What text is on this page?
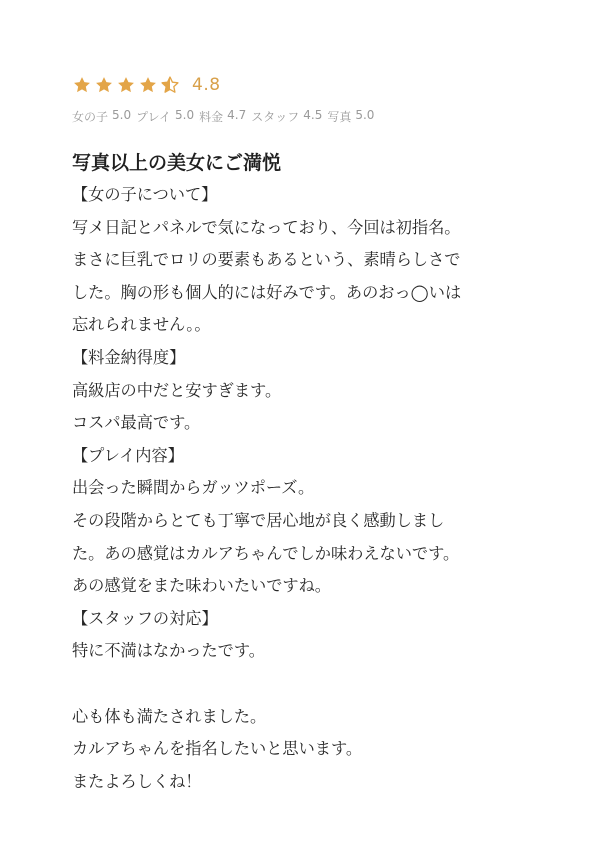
4.8
女の子 5.0 プレイ 5.0 料金 4.7 スタッフ 4.5 写真 5.0
写真以上の美女にご満悦
【女の子について】
写メ日記とパネルで気になっており、今回は初指名。
まさに巨乳でロリの要素もあるという、素晴らしさで
した。胸の形も個人的には好みです。あのおっ◯いは
忘れられません。。
【料金納得度】
高級店の中だと安すぎます。
コスパ最高です。
【プレイ内容】
出会った瞬間からガッツポーズ。
その段階からとても丁寧で居心地が良く感動しまし
た。あの感覚はカルアちゃんでしか味わえないです。
あの感覚をまた味わいたいですね。
【スタッフの対応】
特に不満はなかったです。
心も体も満たされました。
カルアちゃんを指名したいと思います。
またよろしくね！
